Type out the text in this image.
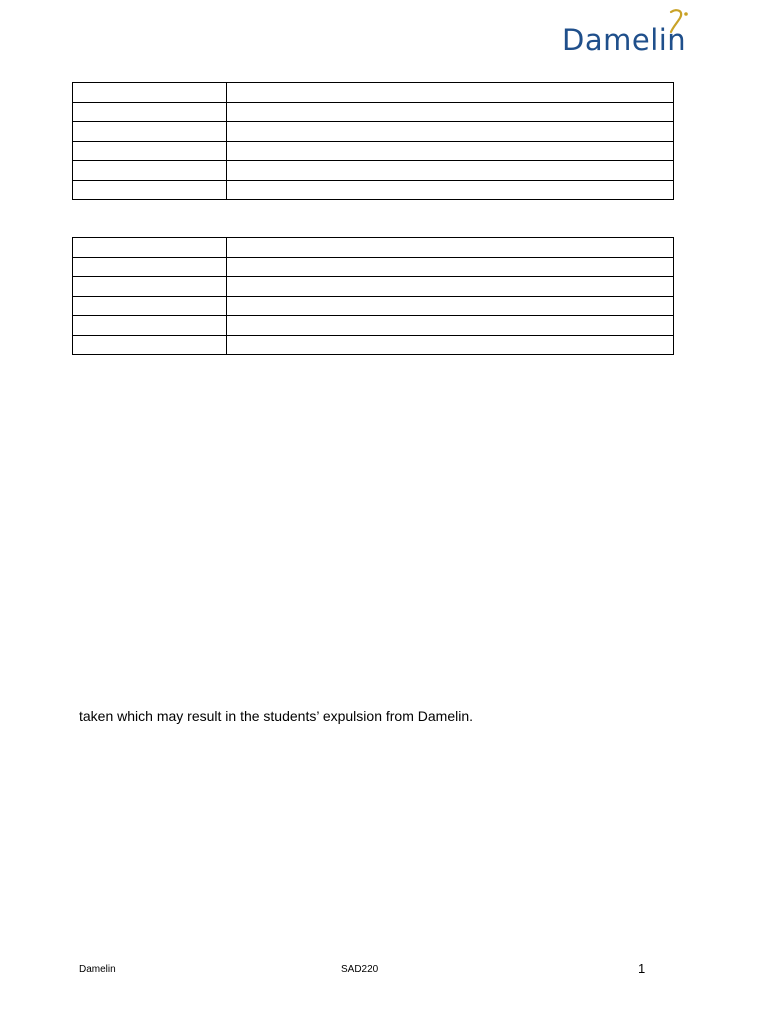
Damelin

taken which may result in the students’ expulsion from Damelin.
Damelin	SAD220	1
